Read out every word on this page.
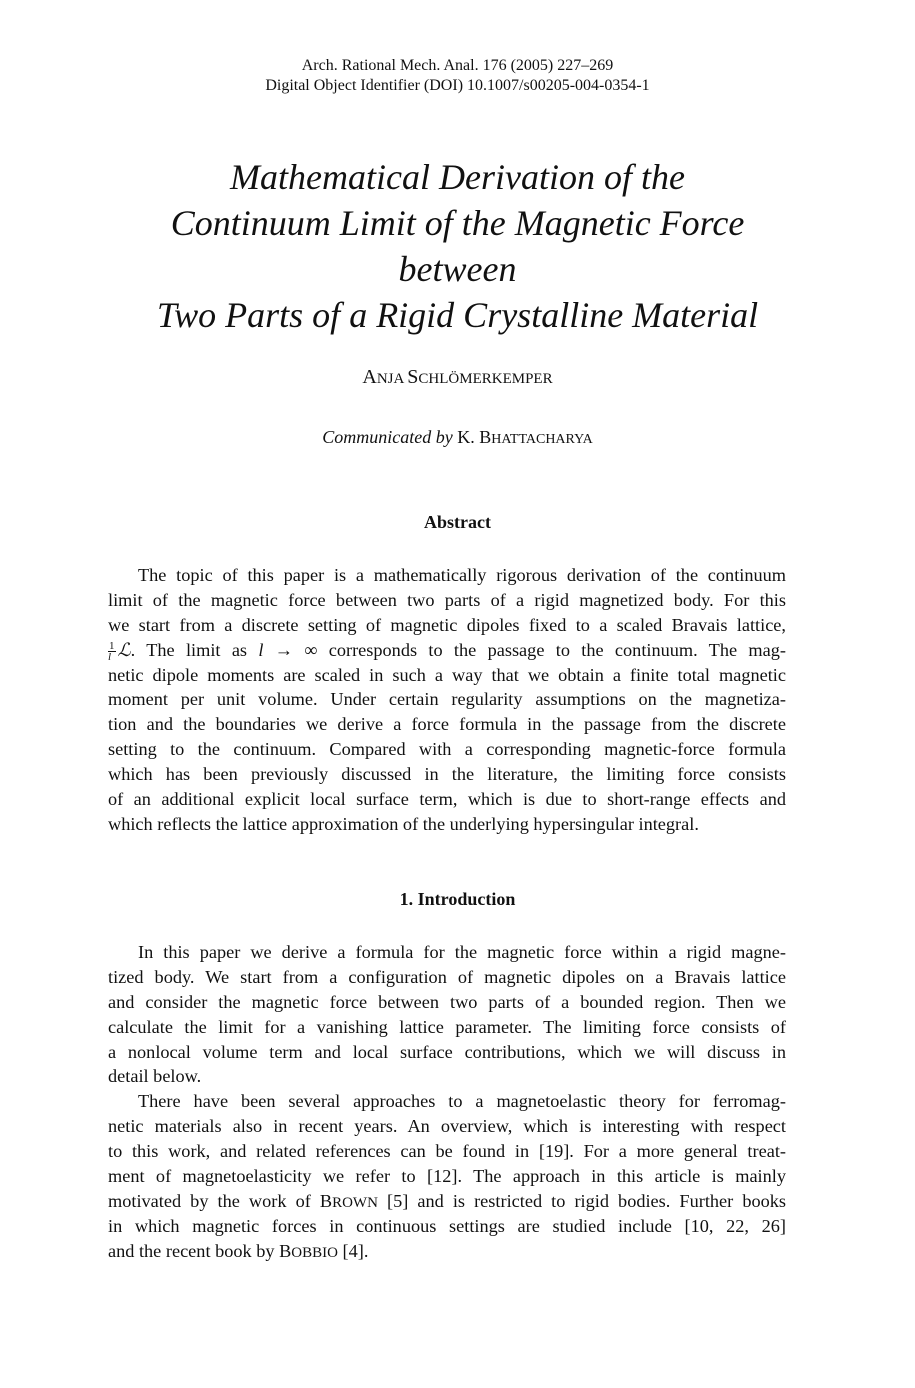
Arch. Rational Mech. Anal. 176 (2005) 227–269
Digital Object Identifier (DOI) 10.1007/s00205-004-0354-1
Mathematical Derivation of the
Continuum Limit of the Magnetic Force
between
Two Parts of a Rigid Crystalline Material
ANJA SCHLÖMERKEMPER
Communicated by K. BHATTACHARYA
Abstract
The topic of this paper is a mathematically rigorous derivation of the continuum
limit of the magnetic force between two parts of a rigid magnetized body. For this
we start from a discrete setting of magnetic dipoles fixed to a scaled Bravais lattice,
$\frac{1}{l}$ ℒ. The limit as l → ∞ corresponds to the passage to the continuum. The mag-
netic dipole moments are scaled in such a way that we obtain a finite total magnetic
moment per unit volume. Under certain regularity assumptions on the magnetiza-
tion and the boundaries we derive a force formula in the passage from the discrete
setting to the continuum. Compared with a corresponding magnetic-force formula
which has been previously discussed in the literature, the limiting force consists
of an additional explicit local surface term, which is due to short-range effects and
which reflects the lattice approximation of the underlying hypersingular integral.
1. Introduction
In this paper we derive a formula for the magnetic force within a rigid magne-
tized body. We start from a configuration of magnetic dipoles on a Bravais lattice
and consider the magnetic force between two parts of a bounded region. Then we
calculate the limit for a vanishing lattice parameter. The limiting force consists of
a nonlocal volume term and local surface contributions, which we will discuss in
detail below.
There have been several approaches to a magnetoelastic theory for ferromag-
netic materials also in recent years. An overview, which is interesting with respect
to this work, and related references can be found in [19]. For a more general treat-
ment of magnetoelasticity we refer to [12]. The approach in this article is mainly
motivated by the work of BROWN [5] and is restricted to rigid bodies. Further books
in which magnetic forces in continuous settings are studied include [10, 22, 26]
and the recent book by BOBBIO [4].
